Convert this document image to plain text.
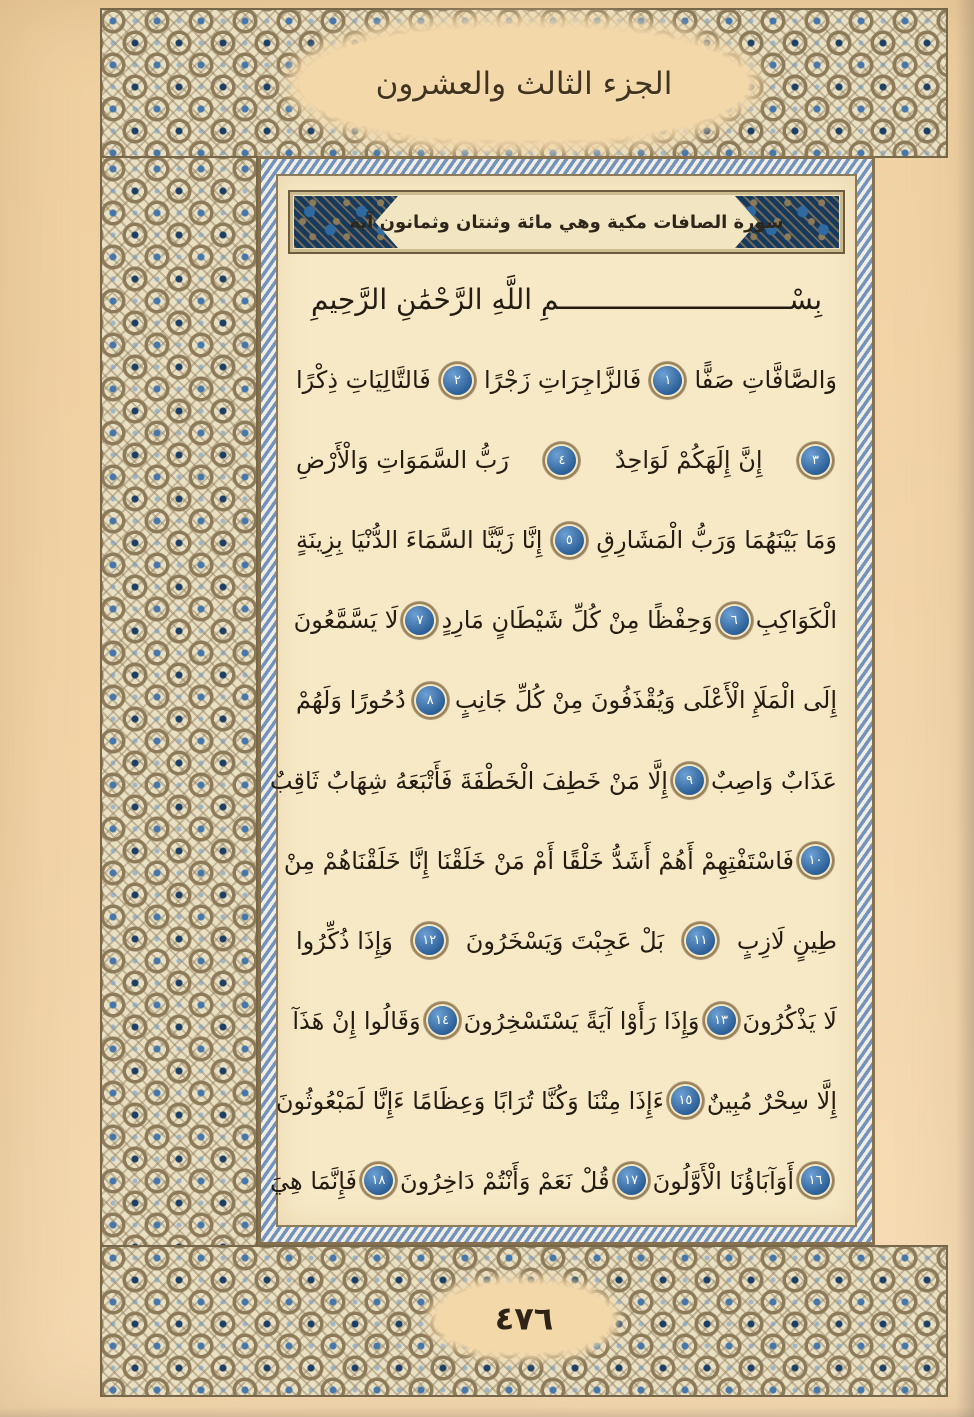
الجزء الثالث والعشرون
٤٧٦
سورة الصافات مكية وهي مائة وثنتان وثمانون آية
بِسْــــــــــــــــــــــــــــمِ اللَّهِ الرَّحْمَٰنِ الرَّحِيمِ
وَالصَّافَّاتِ صَفًّا
١
فَالزَّاجِرَاتِ زَجْرًا
٢
فَالتَّالِيَاتِ ذِكْرًا
٣
إِنَّ إِلَهَكُمْ لَوَاحِدٌ
٤
رَبُّ السَّمَوَاتِ وَالْأَرْضِ
وَمَا بَيْنَهُمَا وَرَبُّ الْمَشَارِقِ
٥
إِنَّا زَيَّنَّا السَّمَاءَ الدُّنْيَا بِزِينَةٍ
الْكَوَاكِبِ
٦
وَحِفْظًا مِنْ كُلِّ شَيْطَانٍ مَارِدٍ
٧
لَا يَسَّمَّعُونَ
إِلَى الْمَلَإِ الْأَعْلَى وَيُقْذَفُونَ مِنْ كُلِّ جَانِبٍ
٨
دُحُورًا وَلَهُمْ
عَذَابٌ وَاصِبٌ
٩
إِلَّا مَنْ خَطِفَ الْخَطْفَةَ فَأَتْبَعَهُ شِهَابٌ ثَاقِبٌ
١٠
فَاسْتَفْتِهِمْ أَهُمْ أَشَدُّ خَلْقًا أَمْ مَنْ خَلَقْنَا إِنَّا خَلَقْنَاهُمْ مِنْ
طِينٍ لَازِبٍ
١١
بَلْ عَجِبْتَ وَيَسْخَرُونَ
١٢
وَإِذَا ذُكِّرُوا
لَا يَذْكُرُونَ
١٣
وَإِذَا رَأَوْا آيَةً يَسْتَسْخِرُونَ
١٤
وَقَالُوا إِنْ هَذَآ
إِلَّا سِحْرٌ مُبِينٌ
١٥
ءَإِذَا مِتْنَا وَكُنَّا تُرَابًا وَعِظَامًا ءَإِنَّا لَمَبْعُوثُونَ
١٦
أَوَآبَاؤُنَا الْأَوَّلُونَ
١٧
قُلْ نَعَمْ وَأَنْتُمْ دَاخِرُونَ
١٨
فَإِنَّمَا هِيَ
